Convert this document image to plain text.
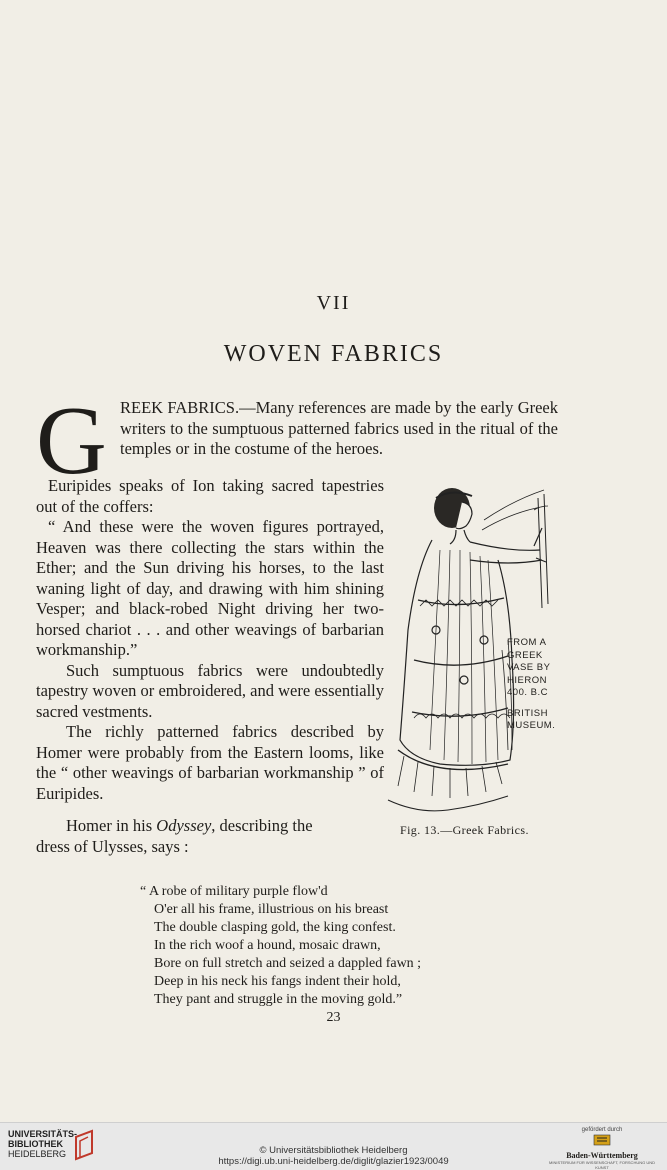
VII
WOVEN FABRICS
G REEK FABRICS.—Many references are made by the early Greek writers to the sumptuous patterned fabrics used in the ritual of the temples or in the costume of the heroes.

Euripides speaks of Ion taking sacred tapestries out of the coffers:

“ And these were the woven figures portrayed, Heaven was there collecting the stars within the Ether; and the Sun driving his horses, to the last waning light of day, and drawing with him shining Vesper; and black-robed Night driving her two-horsed chariot . . . and other weavings of barbarian workmanship.”

Such sumptuous fabrics were undoubtedly tapestry woven or embroidered, and were essentially sacred vestments.

The richly patterned fabrics described by Homer were probably from the Eastern looms, like the “ other weavings of barbarian workmanship ” of Euripides.

Homer in his Odyssey, describing the
dress of Ulysses, says :
FROM A
GREEK
VASE BY
HIERON
400. B.C
BRITISH
MUSEUM.
Fig. 13.—Greek Fabrics.
“ A robe of military purple flow'd
O'er all his frame, illustrious on his breast
The double clasping gold, the king confest.
In the rich woof a hound, mosaic drawn,
Bore on full stretch and seized a dappled fawn ;
Deep in his neck his fangs indent their hold,
They pant and struggle in the moving gold.”
23
UNIVERSITÄTS-
BIBLIOTHEK
HEIDELBERG	© Universitätsbibliothek Heidelberg
https://digi.ub.uni-heidelberg.de/diglit/glazier1923/0049
gefördert durch
Baden-Württemberg
MINISTERIUM FÜR WISSENSCHAFT, FORSCHUNG UND KUNST
